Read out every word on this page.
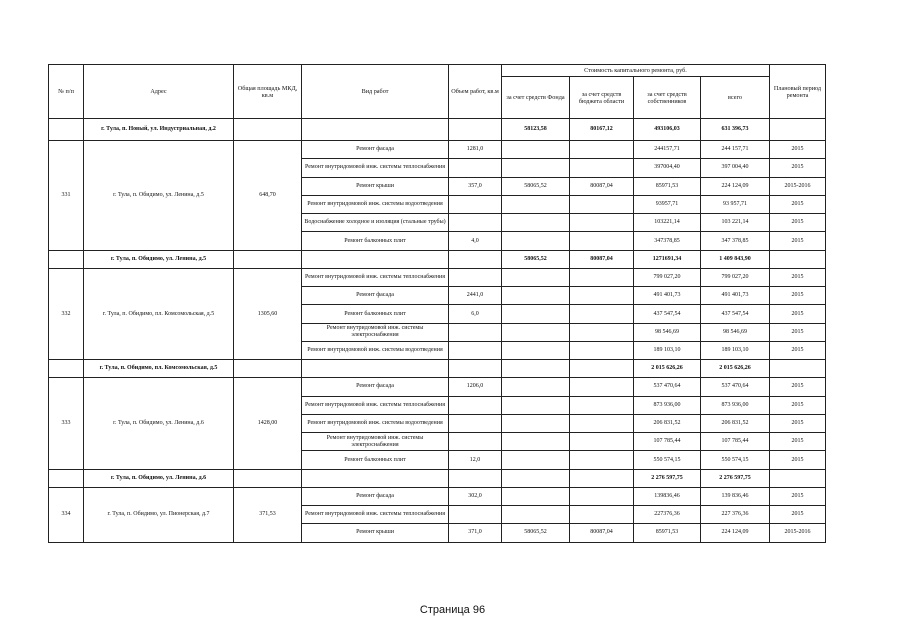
№ п/п	Адрес	Общая площадь МКД, кв.м	Вид работ	Объем работ, кв.м	Стоимость капитального ремонта, руб.				Плановый период ремонта
					за счет средств Фонда	за счет средств бюджета области	за счет средств собственников	всего	
	г. Тула, п. Новый, ул. Индустриальная, д.2				58123,58	80167,12	493106,03	631 396,73	
331	г. Тула, п. Обидимо, ул. Ленина, д.5	648,70	Ремонт фасада	1281,0			244157,71	244 157,71	2015
			Ремонт внутридомовой инж. системы теплоснабжения				397004,40	397 004,40	2015
			Ремонт крыши	357,0	58065,52	80087,04	85971,53	224 124,09	2015-2016
			Ремонт внутридомовой инж. системы водоотведения				93957,71	93 957,71	2015
			Водоснабжение холодное и изоляция (стальные трубы)				103221,14	103 221,14	2015
			Ремонт балконных плит	4,0			347378,85	347 378,85	2015
	г. Тула, п. Обидимо, ул. Ленина, д.5				58065,52	80087,04	1271691,34	1 409 843,90	
332	г. Тула, п. Обидимо, пл. Комсомольская, д.5	1305,60	Ремонт внутридомовой инж. системы теплоснабжения				799 027,20	799 027,20	2015
			Ремонт фасада	2441,0			491 401,73	491 401,73	2015
			Ремонт балконных плит	6,0			437 547,54	437 547,54	2015
			Ремонт внутридомовой инж. системы электроснабжения				98 546,69	98 546,69	2015
			Ремонт внутридомовой инж. системы водоотведения				189 103,10	189 103,10	2015
	г. Тула, п. Обидимо, пл. Комсомольская, д.5						2 015 626,26	2 015 626,26	
333	г. Тула, п. Обидимо, ул. Ленина, д.6	1428,00	Ремонт фасада	1206,0			537 470,64	537 470,64	2015
			Ремонт внутридомовой инж. системы теплоснабжения				873 936,00	873 936,00	2015
			Ремонт внутридомовой инж. системы водоотведения				206 831,52	206 831,52	2015
			Ремонт внутридомовой инж. системы электроснабжения				107 785,44	107 785,44	2015
			Ремонт балконных плит	12,0			550 574,15	550 574,15	2015
	г. Тула, п. Обидимо, ул. Ленина, д.6						2 276 597,75	2 276 597,75	
334	г. Тула, п. Обидимо, ул. Пионерская, д.7	371,53	Ремонт фасада	302,0			139836,46	139 836,46	2015
			Ремонт внутридомовой инж. системы теплоснабжения				227376,36	227 376,36	2015
			Ремонт крыши	371,0	58065,52	80087,04	85971,53	224 124,09	2015-2016
Страница 96
